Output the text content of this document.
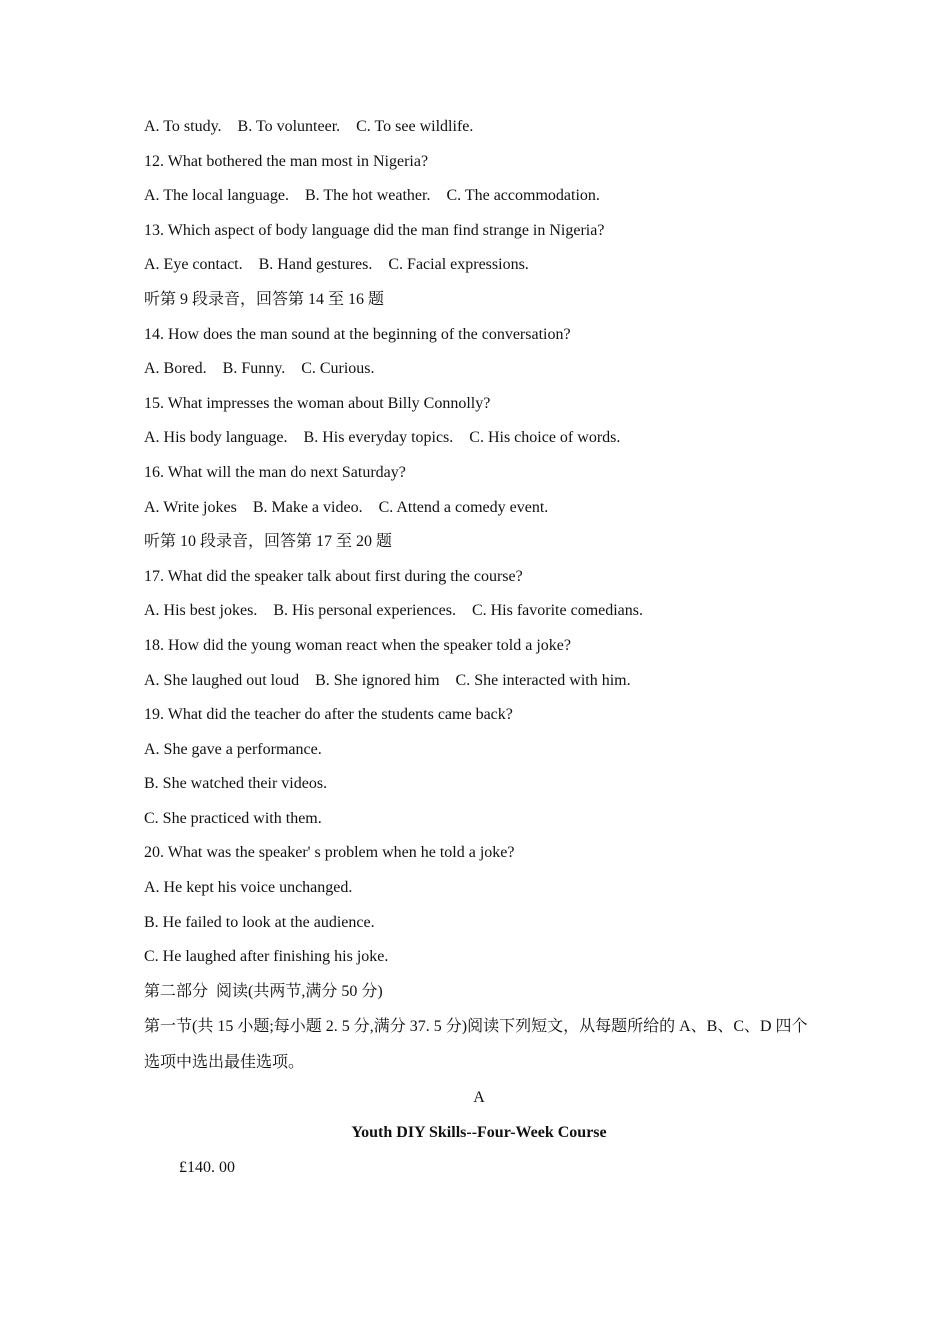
A. To study.    B. To volunteer.    C. To see wildlife.
12. What bothered the man most in Nigeria?
A. The local language.    B. The hot weather.    C. The accommodation.
13. Which aspect of body language did the man find strange in Nigeria?
A. Eye contact.    B. Hand gestures.    C. Facial expressions.
听第 9 段录音，回答第 14 至 16 题
14. How does the man sound at the beginning of the conversation?
A. Bored.    B. Funny.    C. Curious.
15. What impresses the woman about Billy Connolly?
A. His body language.    B. His everyday topics.    C. His choice of words.
16. What will the man do next Saturday?
A. Write jokes    B. Make a video.    C. Attend a comedy event.
听第 10 段录音，回答第 17 至 20 题
17. What did the speaker talk about first during the course?
A. His best jokes.    B. His personal experiences.    C. His favorite comedians.
18. How did the young woman react when the speaker told a joke?
A. She laughed out loud    B. She ignored him    C. She interacted with him.
19. What did the teacher do after the students came back?
A. She gave a performance.
B. She watched their videos.
C. She practiced with them.
20. What was the speaker' s problem when he told a joke?
A. He kept his voice unchanged.
B. He failed to look at the audience.
C. He laughed after finishing his joke.
第二部分  阅读(共两节,满分 50 分)
第一节(共 15 小题;每小题 2. 5 分,满分 37. 5 分)阅读下列短文，从每题所给的 A、B、C、D 四个选项中选出最佳选项。
A
Youth DIY Skills--Four-Week Course
£140. 00
